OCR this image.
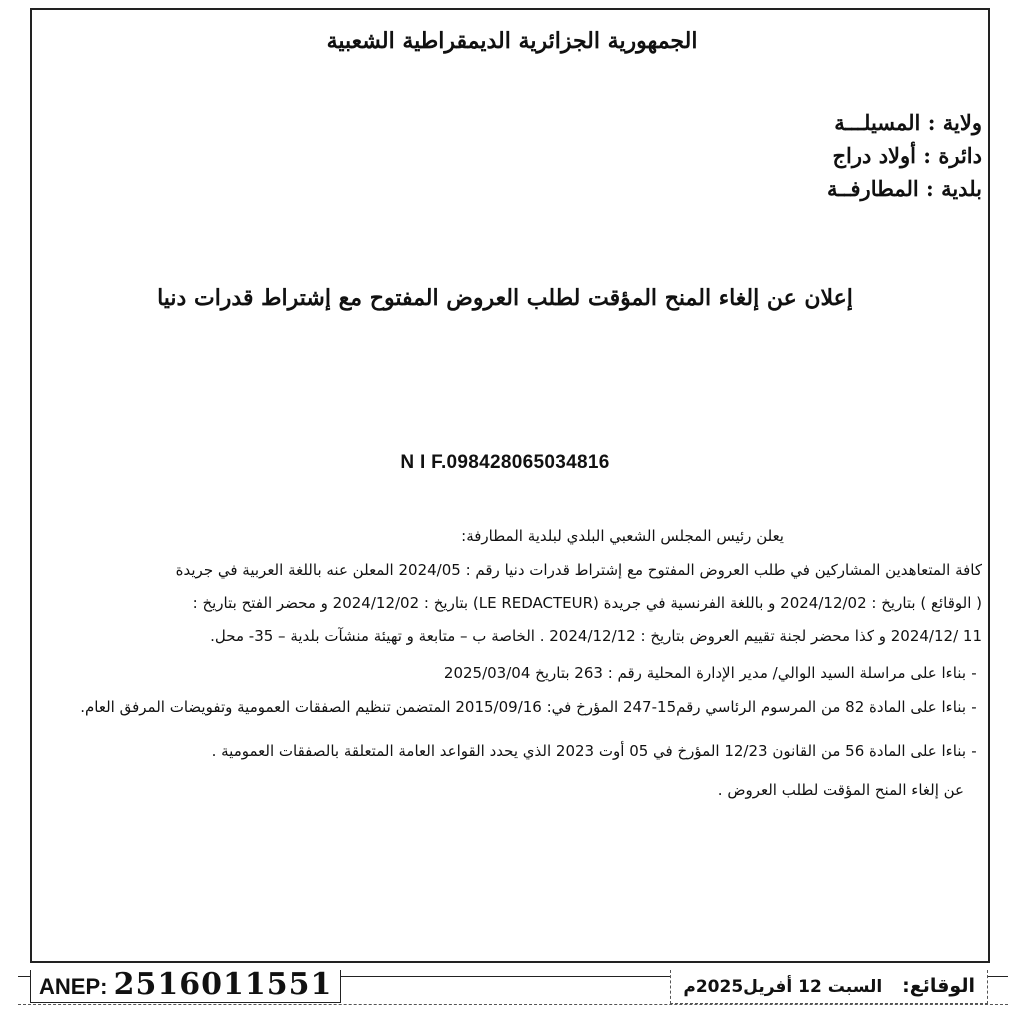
الجمهورية الجزائرية الديمقراطية الشعبية
ولاية : المسيلـــة
دائرة : أولاد دراج
بلدية : المطارفــة
إعلان عن إلغاء المنح المؤقت لطلب العروض المفتوح مع إشتراط قدرات دنيا
N I F.098428065034816
يعلن رئيس المجلس الشعبي البلدي لبلدية المطارفة:
كافة المتعاهدين المشاركين في طلب العروض المفتوح مع إشتراط قدرات دنيا رقم : 2024/05 المعلن عنه باللغة العربية في جريدة
( الوقائع ) بتاريخ : 2024/12/02 و باللغة الفرنسية في جريدة (LE REDACTEUR) بتاريخ : 2024/12/02 و محضر الفتح بتاريخ :
11 /2024/12 و كذا محضر لجنة تقييم العروض بتاريخ : 2024/12/12 . الخاصة ب – متابعة و تهيئة منشآت بلدية – 35- محل.
- بناءا على مراسلة السيد الوالي/ مدير الإدارة المحلية رقم : 263 بتاريخ 2025/03/04
- بناءا على المادة 82 من المرسوم الرئاسي رقم15-247 المؤرخ في: 2015/09/16 المتضمن تنظيم الصفقات العمومية وتفويضات المرفق العام.
- بناءا على المادة 56 من القانون 12/23 المؤرخ في 05 أوت 2023 الذي يحدد القواعد العامة المتعلقة بالصفقات العمومية .
عن إلغاء المنح المؤقت لطلب العروض .
ANEP: 2516011551	الوقائع: السبت 12 أفريل2025م
